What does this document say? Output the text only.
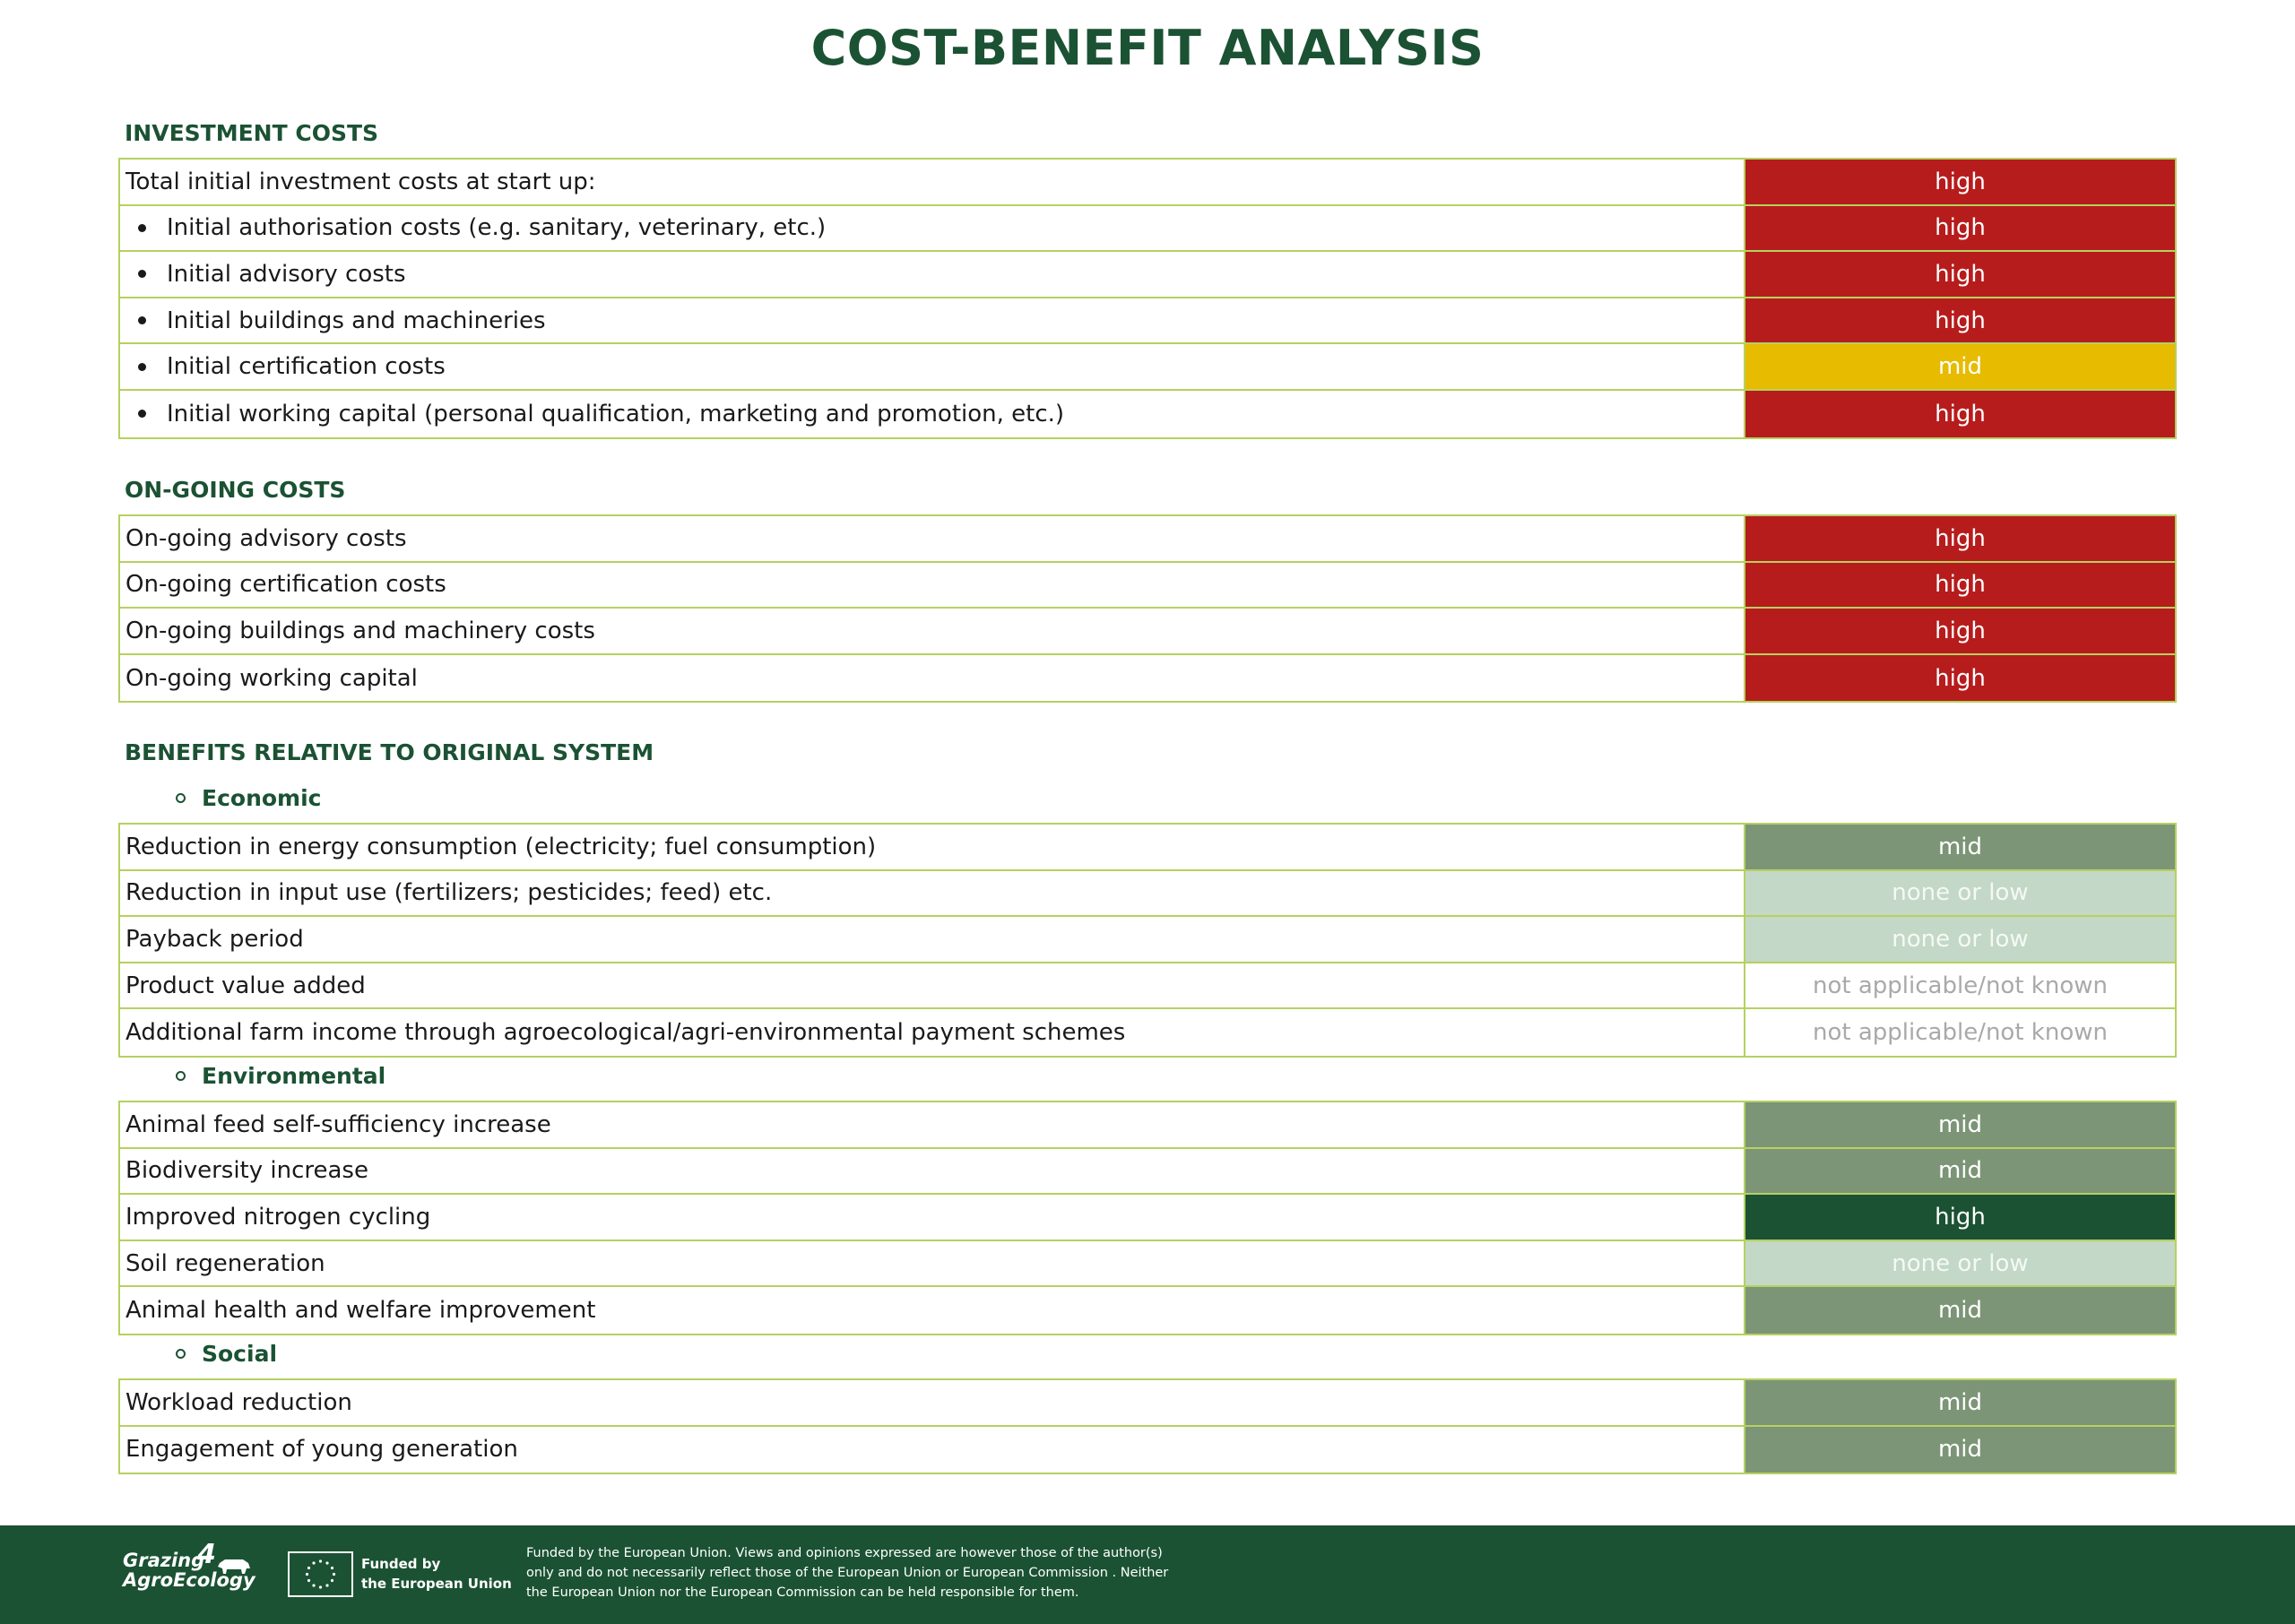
COST-BENEFIT ANALYSIS
INVESTMENT COSTS
Total initial investment costs at start up:	high
Initial authorisation costs (e.g. sanitary, veterinary, etc.)	high
Initial advisory costs	high
Initial buildings and machineries	high
Initial certification costs	mid
Initial working capital (personal qualification, marketing and promotion, etc.)	high
ON-GOING COSTS
On-going advisory costs	high
On-going certification costs	high
On-going buildings and machinery costs	high
On-going working capital	high
BENEFITS RELATIVE TO ORIGINAL SYSTEM
Economic
Reduction in energy consumption (electricity; fuel consumption)	mid
Reduction in input use (fertilizers; pesticides; feed) etc.	none or low
Payback period	none or low
Product value added	not applicable/not known
Additional farm income through agroecological/agri-environmental payment schemes	not applicable/not known
Environmental
Animal feed self-sufficiency increase	mid
Biodiversity increase	mid
Improved nitrogen cycling	high
Soil regeneration	none or low
Animal health and welfare improvement	mid
Social
Workload reduction	mid
Engagement of young generation	mid
Grazing
AgroEcology
4	Funded by
the European Union
Funded by the European Union. Views and opinions expressed are however those of the author(s)
only and do not necessarily reflect those of the European Union or European Commission . Neither
the European Union nor the European Commission can be held responsible for them.
